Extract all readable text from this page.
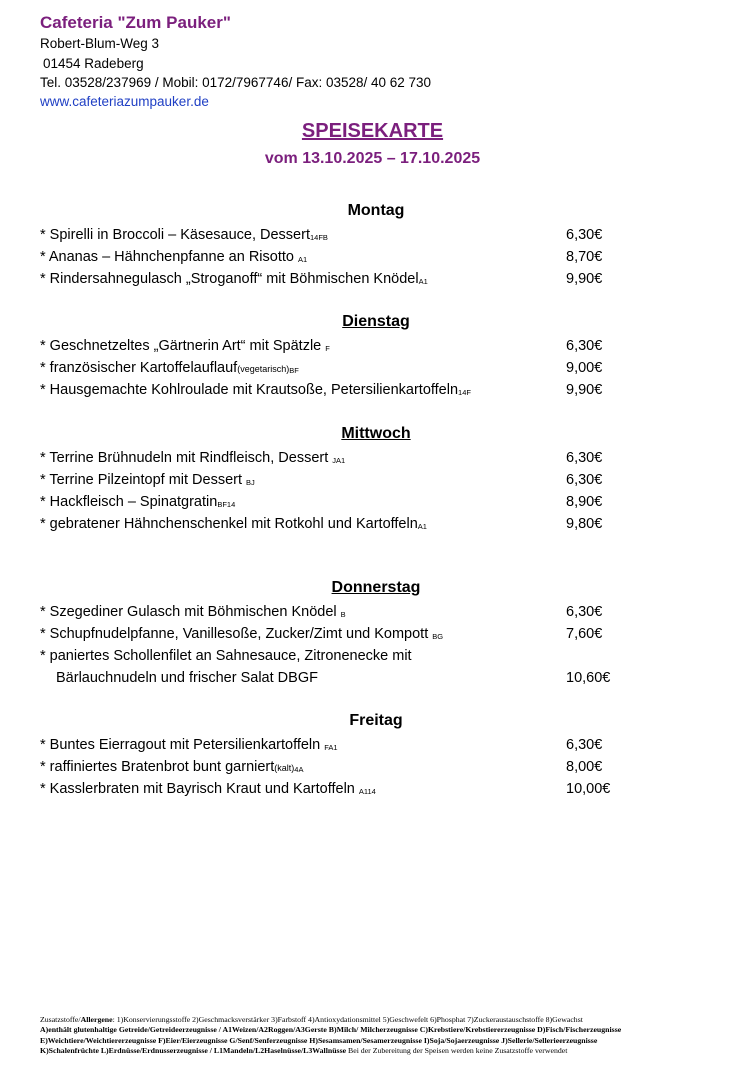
Cafeteria "Zum Pauker"
Robert-Blum-Weg 3
01454 Radeberg
Tel. 03528/237969 / Mobil: 0172/7967746/ Fax: 03528/ 40 62 730
www.cafeteriazumpauker.de
SPEISEKARTE
vom 13.10.2025 – 17.10.2025
Montag
* Spirelli in Broccoli – Käsesauce, Dessert14FB	6,30€
* Ananas – Hähnchenpfanne an Risotto A1	8,70€
* Rindersahnegulasch „Stroganoff“ mit Böhmischen KnödelA1	9,90€
Dienstag
* Geschnetzeltes „Gärtnerin Art“ mit Spätzle F	6,30€
* französischer Kartoffelauflauf(vegetarisch)BF	9,00€
* Hausgemachte Kohlroulade mit Krautsoße, Petersilienkartoffeln14F	9,90€
Mittwoch
* Terrine Brühnudeln mit Rindfleisch, Dessert JA1	6,30€
* Terrine Pilzeintopf mit Dessert BJ	6,30€
* Hackfleisch – SpinatgratinBF14	8,90€
* gebratener Hähnchenschenkel mit Rotkohl und KartoffelnA1	9,80€
Donnerstag
* Szegediner Gulasch mit Böhmischen Knödel B	6,30€
* Schupfnudelpfanne, Vanillesoße, Zucker/Zimt und Kompott BG	7,60€
* paniertes Schollenfilet an Sahnesauce, Zitronenecke mit
Bärlauchnudeln und frischer Salat DBGF	10,60€
Freitag
* Buntes Eierragout mit Petersilienkartoffeln FA1	6,30€
* raffiniertes Bratenbrot bunt garniert(kalt)4A	8,00€
* Kasslerbraten mit Bayrisch Kraut und Kartoffeln A114	10,00€
Zusatzstoffe/Allergene: 1)Konservierungsstoffe 2)Geschmacksverstärker 3)Farbstoff 4)Antioxydationsmittel 5)Geschwefelt 6)Phosphat 7)Zuckeraustauschstoffe 8)Gewachst
A)enthält glutenhaltige Getreide/Getreideerzeugnisse / A1Weizen/A2Roggen/A3Gerste B)Milch/ Milcherzeugnisse C)Krebstiere/Krebstiererzeugnisse D)Fisch/Fischerzeugnisse
E)Weichtiere/Weichtiererzeugnisse F)Eier/Eierzeugnisse G/Senf/Senferzeugnisse H)Sesamsamen/Sesamerzeugnisse I)Soja/Sojaerzeugnisse J)Sellerie/Sellerieerzeugnisse
K)Schalenfrüchte L)Erdnüsse/Erdnusserzeugnisse / L1Mandeln/L2Haselnüsse/L3Wallnüsse Bei der Zubereitung der Speisen werden keine Zusatzstoffe verwendet
